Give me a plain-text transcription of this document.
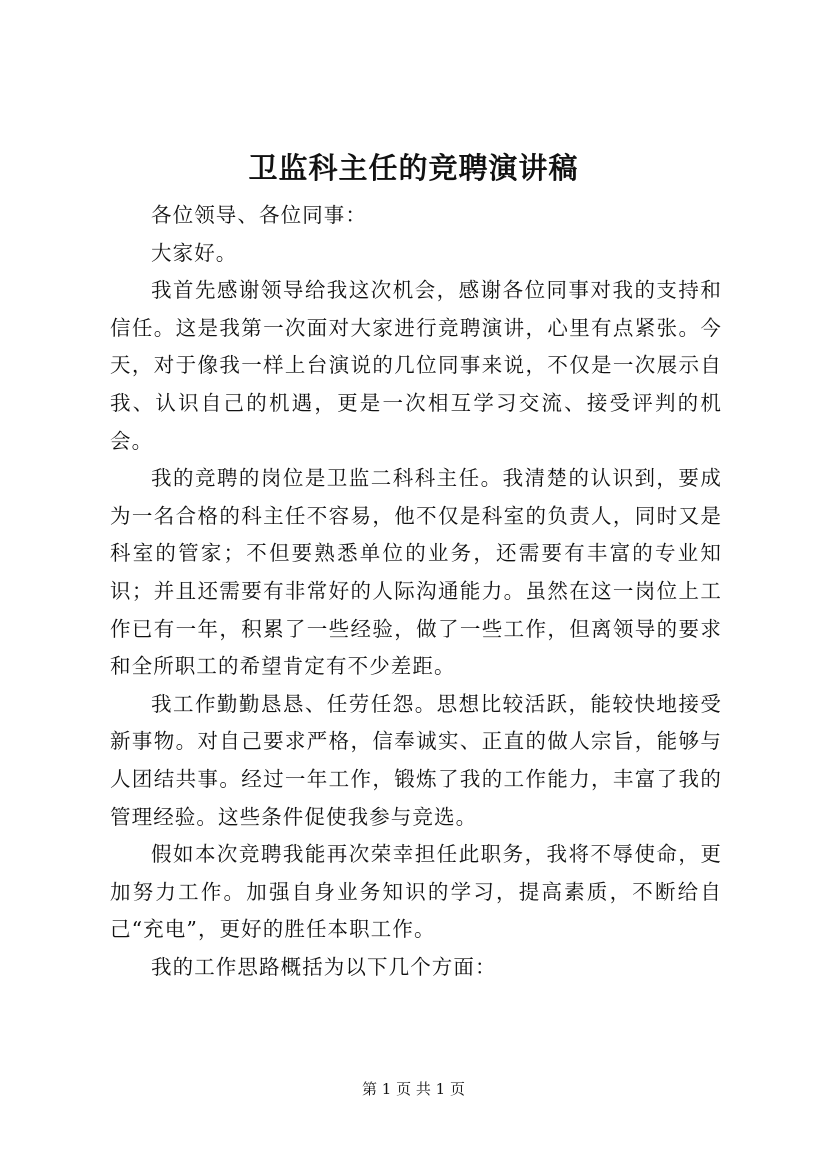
卫监科主任的竞聘演讲稿

各位领导、各位同事：

大家好。

我首先感谢领导给我这次机会，感谢各位同事对我的支持和信任。这是我第一次面对大家进行竞聘演讲，心里有点紧张。今天，对于像我一样上台演说的几位同事来说，不仅是一次展示自我、认识自己的机遇，更是一次相互学习交流、接受评判的机会。

我的竞聘的岗位是卫监二科科主任。我清楚的认识到，要成为一名合格的科主任不容易，他不仅是科室的负责人，同时又是科室的管家；不但要熟悉单位的业务，还需要有丰富的专业知识；并且还需要有非常好的人际沟通能力。虽然在这一岗位上工作已有一年，积累了一些经验，做了一些工作，但离领导的要求和全所职工的希望肯定有不少差距。

我工作勤勤恳恳、任劳任怨。思想比较活跃，能较快地接受新事物。对自己要求严格，信奉诚实、正直的做人宗旨，能够与人团结共事。经过一年工作，锻炼了我的工作能力，丰富了我的管理经验。这些条件促使我参与竞选。

假如本次竞聘我能再次荣幸担任此职务，我将不辱使命，更加努力工作。加强自身业务知识的学习，提高素质，不断给自己“充电”，更好的胜任本职工作。

我的工作思路概括为以下几个方面：

第 1 页 共 1 页
